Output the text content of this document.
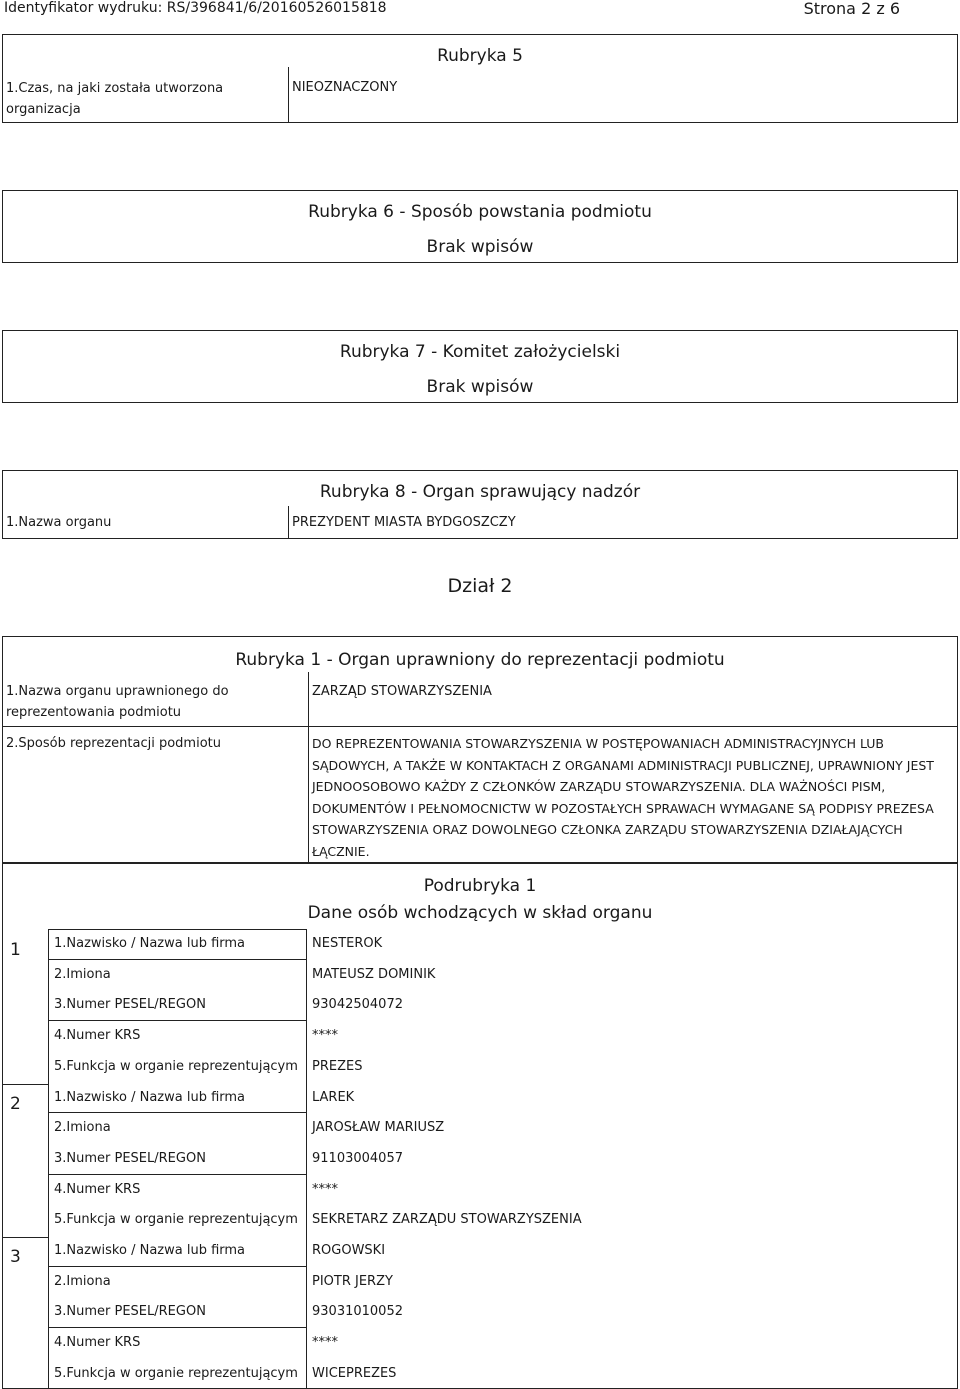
Identyfikator wydruku: RS/396841/6/20160526015818	Strona 2 z 6
Rubryka 5
1.Czas, na jaki została utworzona organizacja
NIEOZNACZONY
Rubryka 6 - Sposób powstania podmiotu
Brak wpisów
Rubryka 7 - Komitet założycielski
Brak wpisów
Rubryka 8 - Organ sprawujący nadzór
1.Nazwa organu	PREZYDENT MIASTA BYDGOSZCZY
Dział 2
Rubryka 1 - Organ uprawniony do reprezentacji podmiotu
1.Nazwa organu uprawnionego do reprezentowania podmiotu
ZARZĄD STOWARZYSZENIA
2.Sposób reprezentacji podmiotu	DO REPREZENTOWANIA STOWARZYSZENIA W POSTĘPOWANIACH ADMINISTRACYJNYCH LUB SĄDOWYCH, A TAKŻE W KONTAKTACH Z ORGANAMI ADMINISTRACJI PUBLICZNEJ, UPRAWNIONY JEST JEDNOOSOBOWO KAŻDY Z CZŁONKÓW ZARZĄDU STOWARZYSZENIA. DLA WAŻNOŚCI PISM, DOKUMENTÓW I PEŁNOMOCNICTW W POZOSTAŁYCH SPRAWACH WYMAGANE SĄ PODPISY PREZESA STOWARZYSZENIA ORAZ DOWOLNEGO CZŁONKA ZARZĄDU STOWARZYSZENIA DZIAŁAJĄCYCH ŁĄCZNIE.
Podrubryka 1
Dane osób wchodzących w skład organu
1	1.Nazwisko / Nazwa lub firma	NESTEROK
2.Imiona	MATEUSZ DOMINIK
3.Numer PESEL/REGON	93042504072
4.Numer KRS	****
5.Funkcja w organie reprezentującym PREZES
2	1.Nazwisko / Nazwa lub firma	LAREK
2.Imiona	JAROSŁAW MARIUSZ
3.Numer PESEL/REGON	91103004057
4.Numer KRS	****
5.Funkcja w organie reprezentującym SEKRETARZ ZARZĄDU STOWARZYSZENIA
3	1.Nazwisko / Nazwa lub firma	ROGOWSKI
2.Imiona	PIOTR JERZY
3.Numer PESEL/REGON	93031010052
4.Numer KRS	****
5.Funkcja w organie reprezentującym WICEPREZES
